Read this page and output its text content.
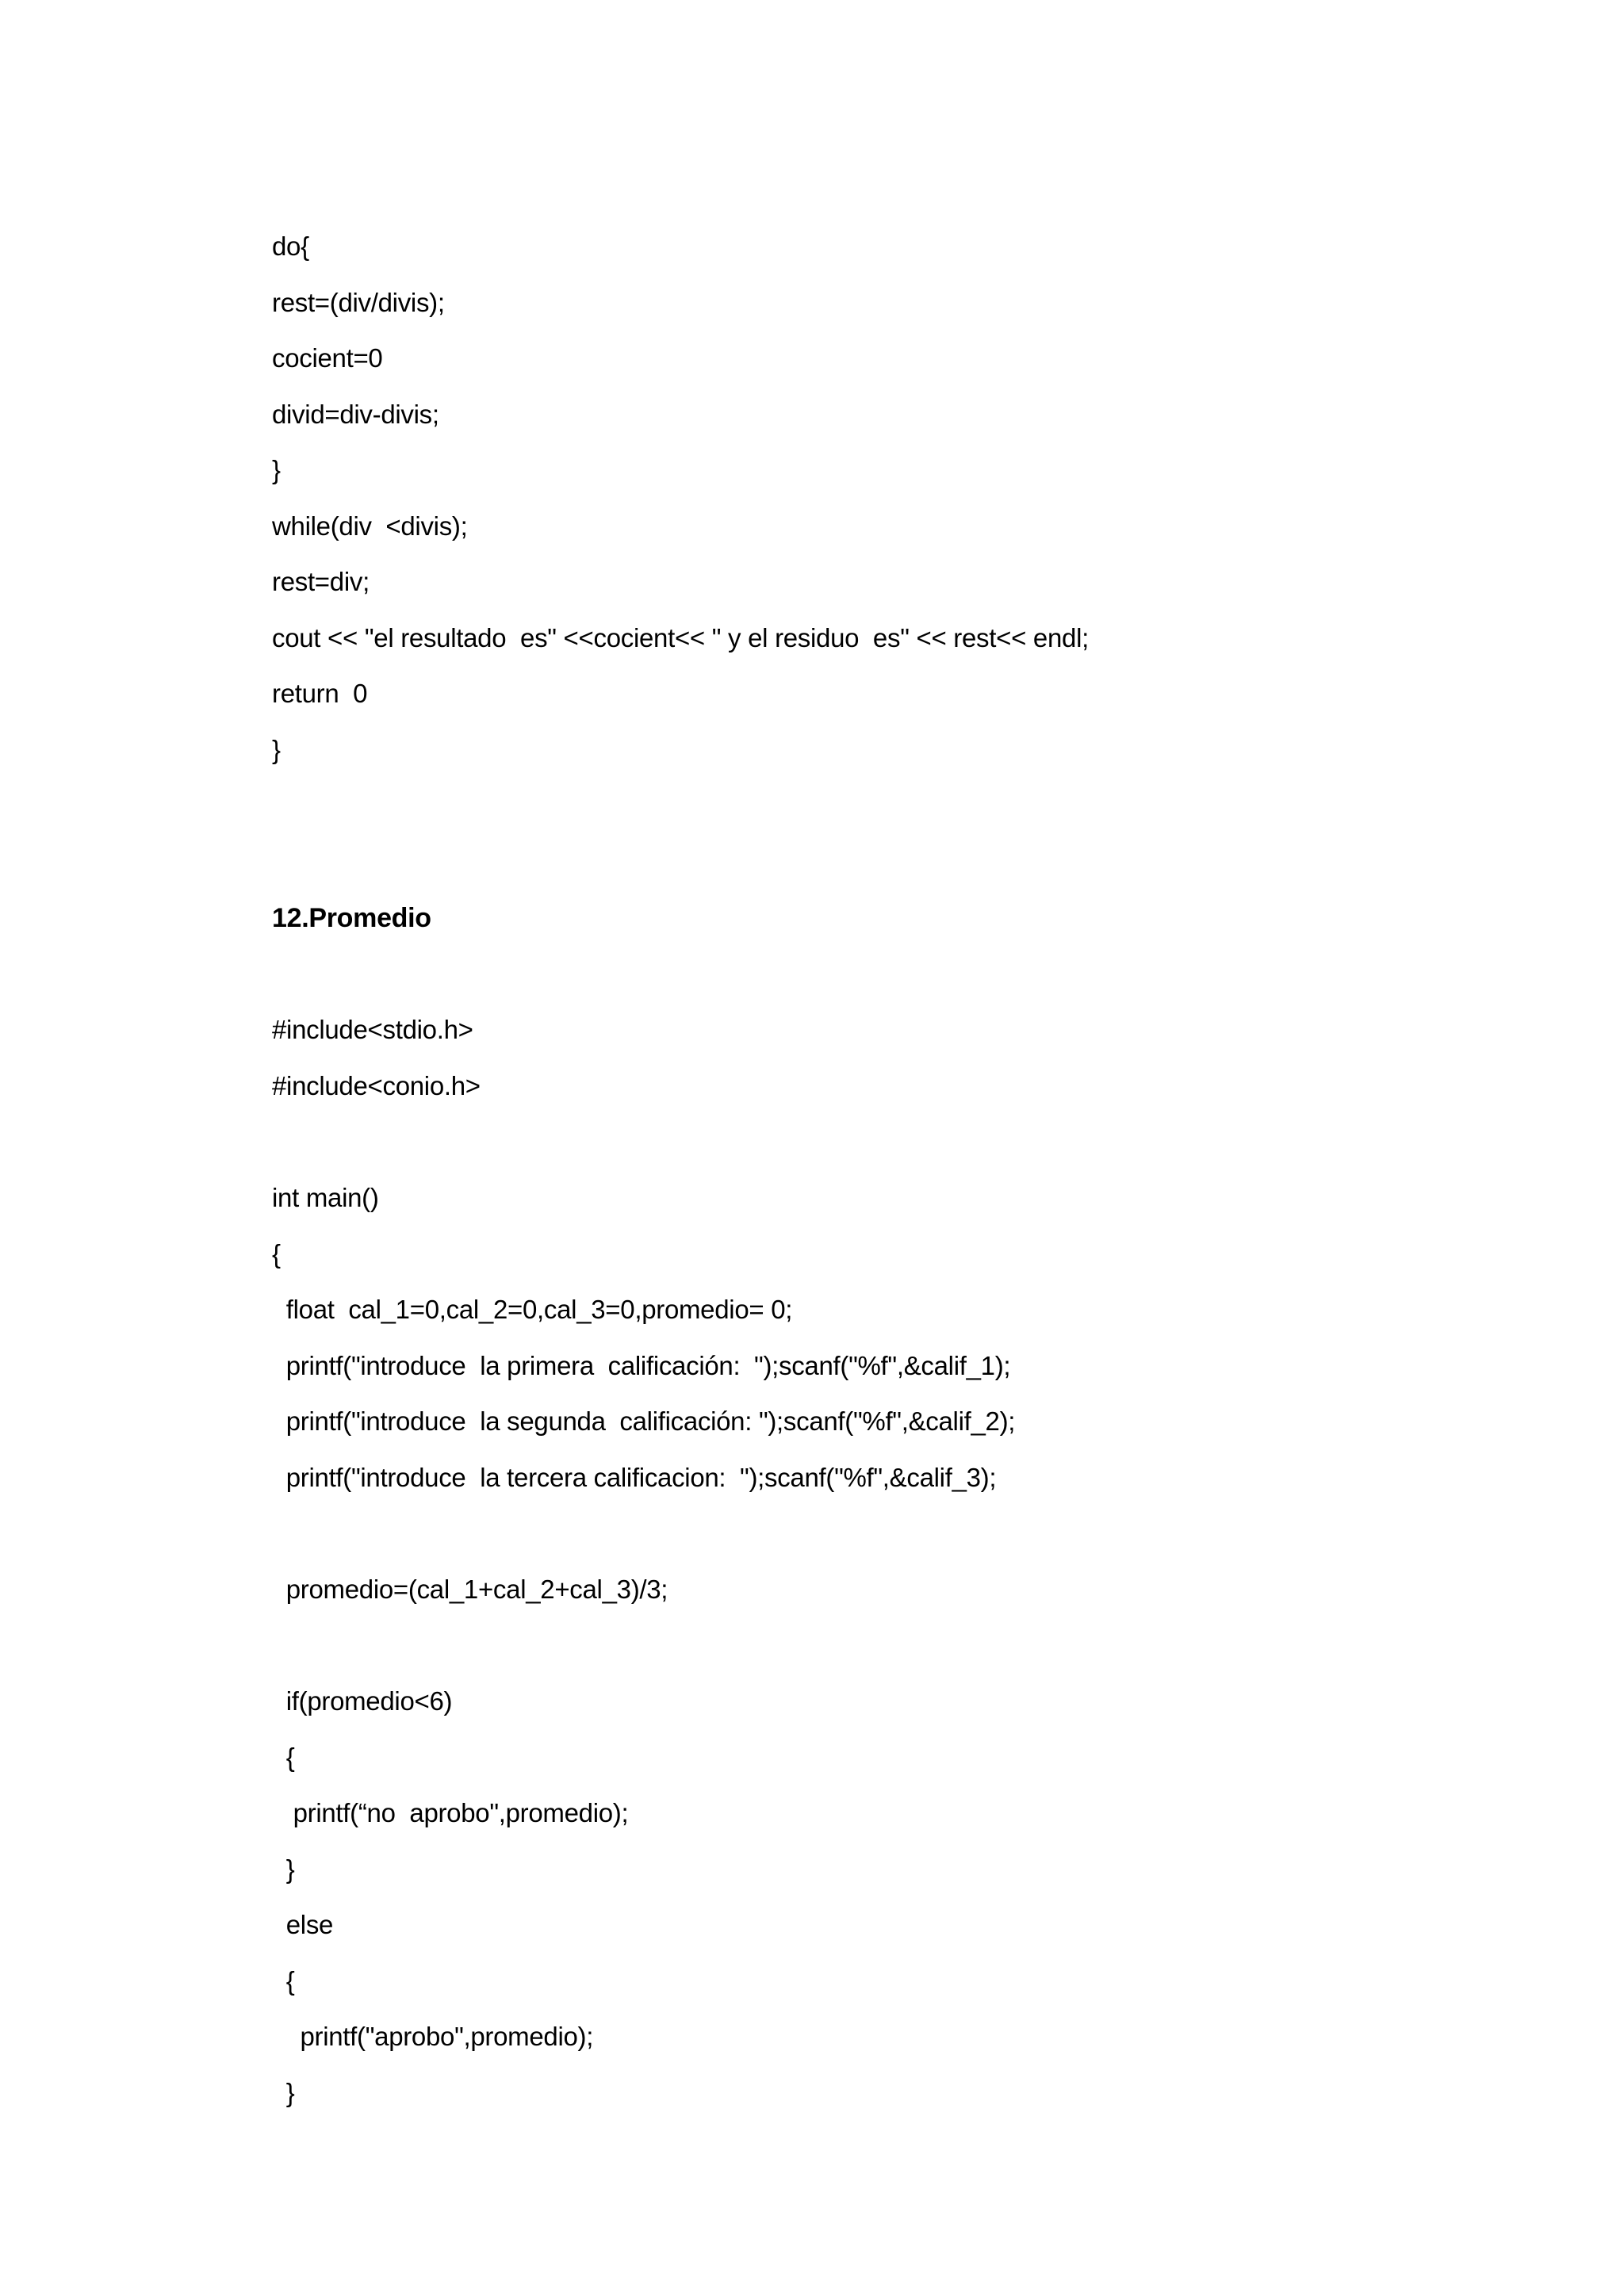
do{
rest=(div/divis);
cocient=0
divid=div-divis;
}
while(div  <divis);
rest=div;
cout << "el resultado  es" <<cocient<< " y el residuo  es" << rest<< endl;
return  0
}
12.Promedio
#include<stdio.h>
#include<conio.h>
int main()
{
float  cal_1=0,cal_2=0,cal_3=0,promedio= 0;
printf("introduce  la primera  calificación:  ");scanf("%f",&calif_1);
printf("introduce  la segunda  calificación: ");scanf("%f",&calif_2);
printf("introduce  la tercera calificacion:  ");scanf("%f",&calif_3);
promedio=(cal_1+cal_2+cal_3)/3;
if(promedio<6)
{
printf(“no  aprobo",promedio);
}
else
{
printf("aprobo",promedio);
}
